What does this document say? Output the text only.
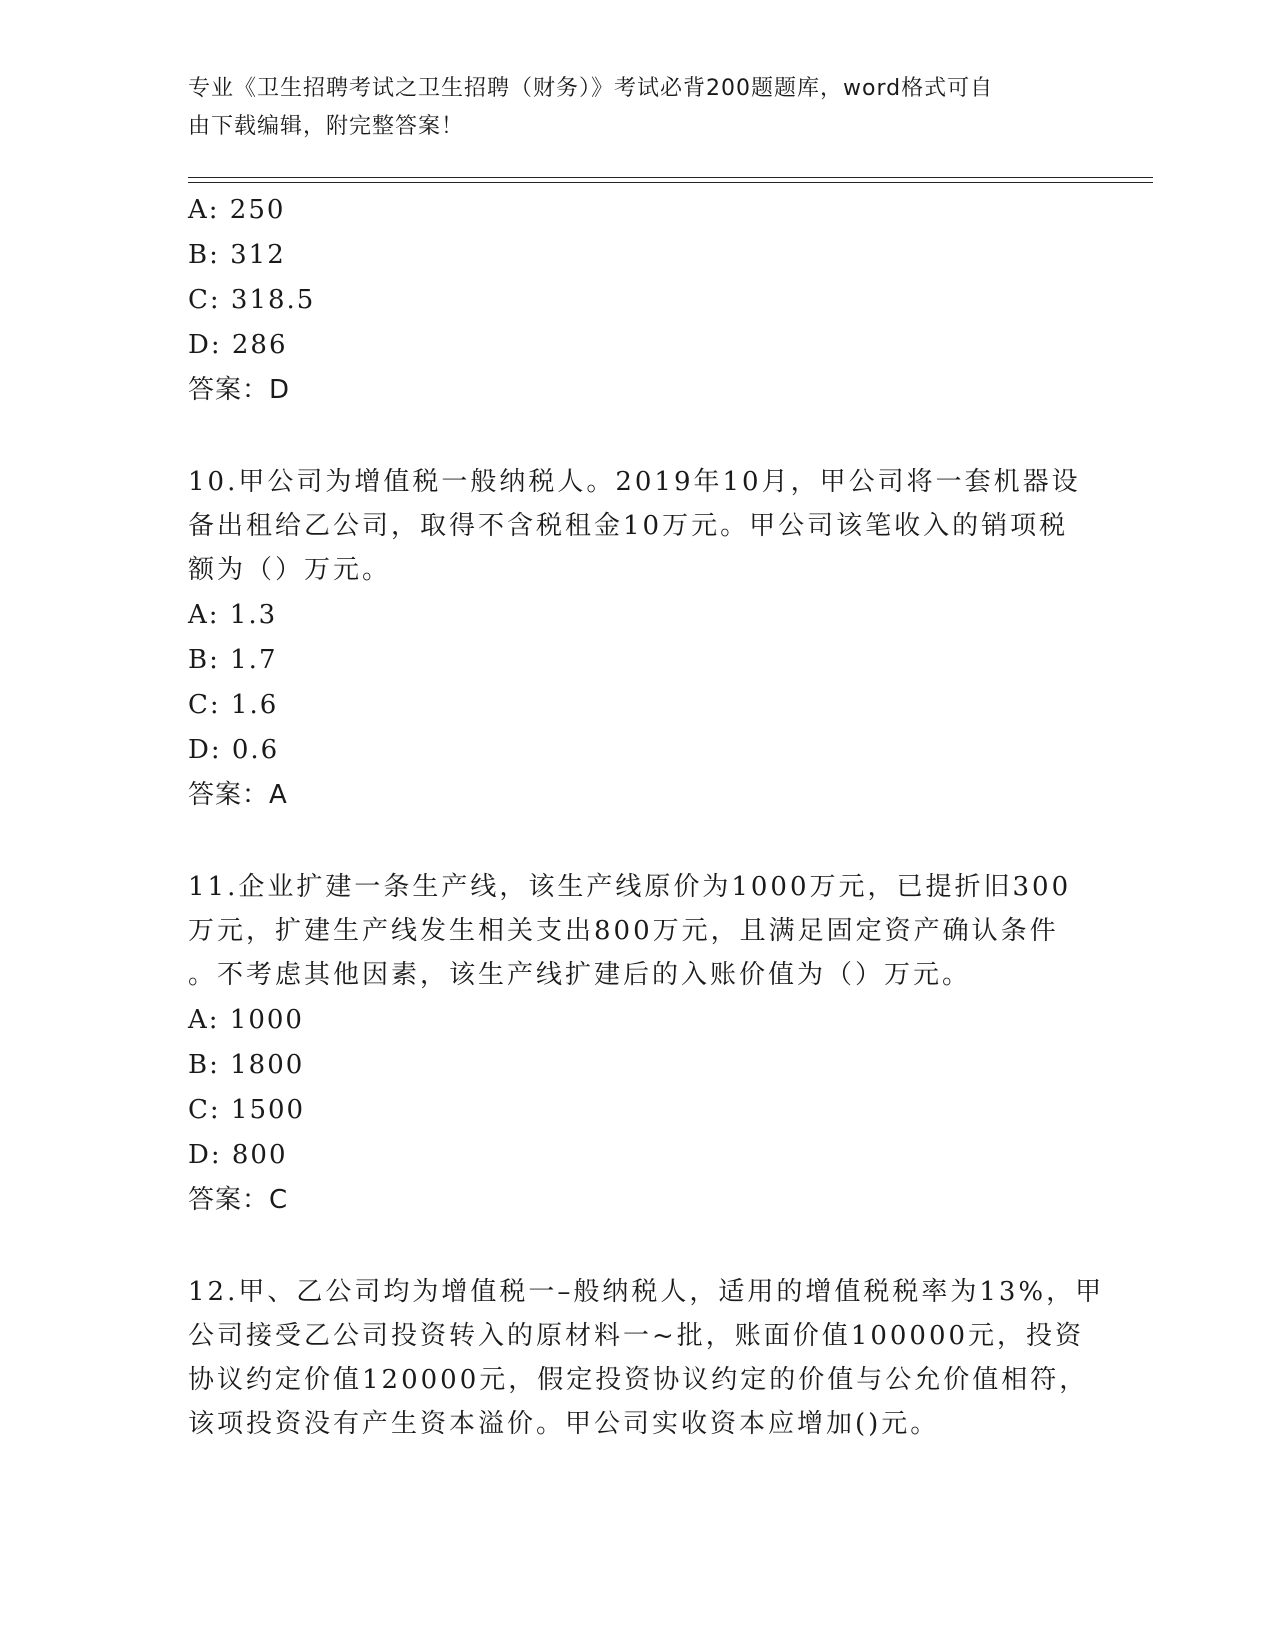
专业《卫生招聘考试之卫生招聘（财务）》考试必背200题题库，word格式可自
由下载编辑，附完整答案！
A: 250
B: 312
C: 318.5
D: 286
答案：D
10.甲公司为增值税一般纳税人。2019年10月，甲公司将一套机器设
备出租给乙公司，取得不含税租金10万元。甲公司该笔收入的销项税
额为（）万元。
A: 1.3
B: 1.7
C: 1.6
D: 0.6
答案：A
11.企业扩建一条生产线，该生产线原价为1000万元，已提折旧300
万元，扩建生产线发生相关支出800万元，且满足固定资产确认条件
。不考虑其他因素，该生产线扩建后的入账价值为（）万元。
A: 1000
B: 1800
C: 1500
D: 800
答案：C
12.甲、乙公司均为增值税一–般纳税人，适用的增值税税率为13%，甲
公司接受乙公司投资转入的原材料一~批，账面价值100000元，投资
协议约定价值120000元，假定投资协议约定的价值与公允价值相符，
该项投资没有产生资本溢价。甲公司实收资本应增加()元。
